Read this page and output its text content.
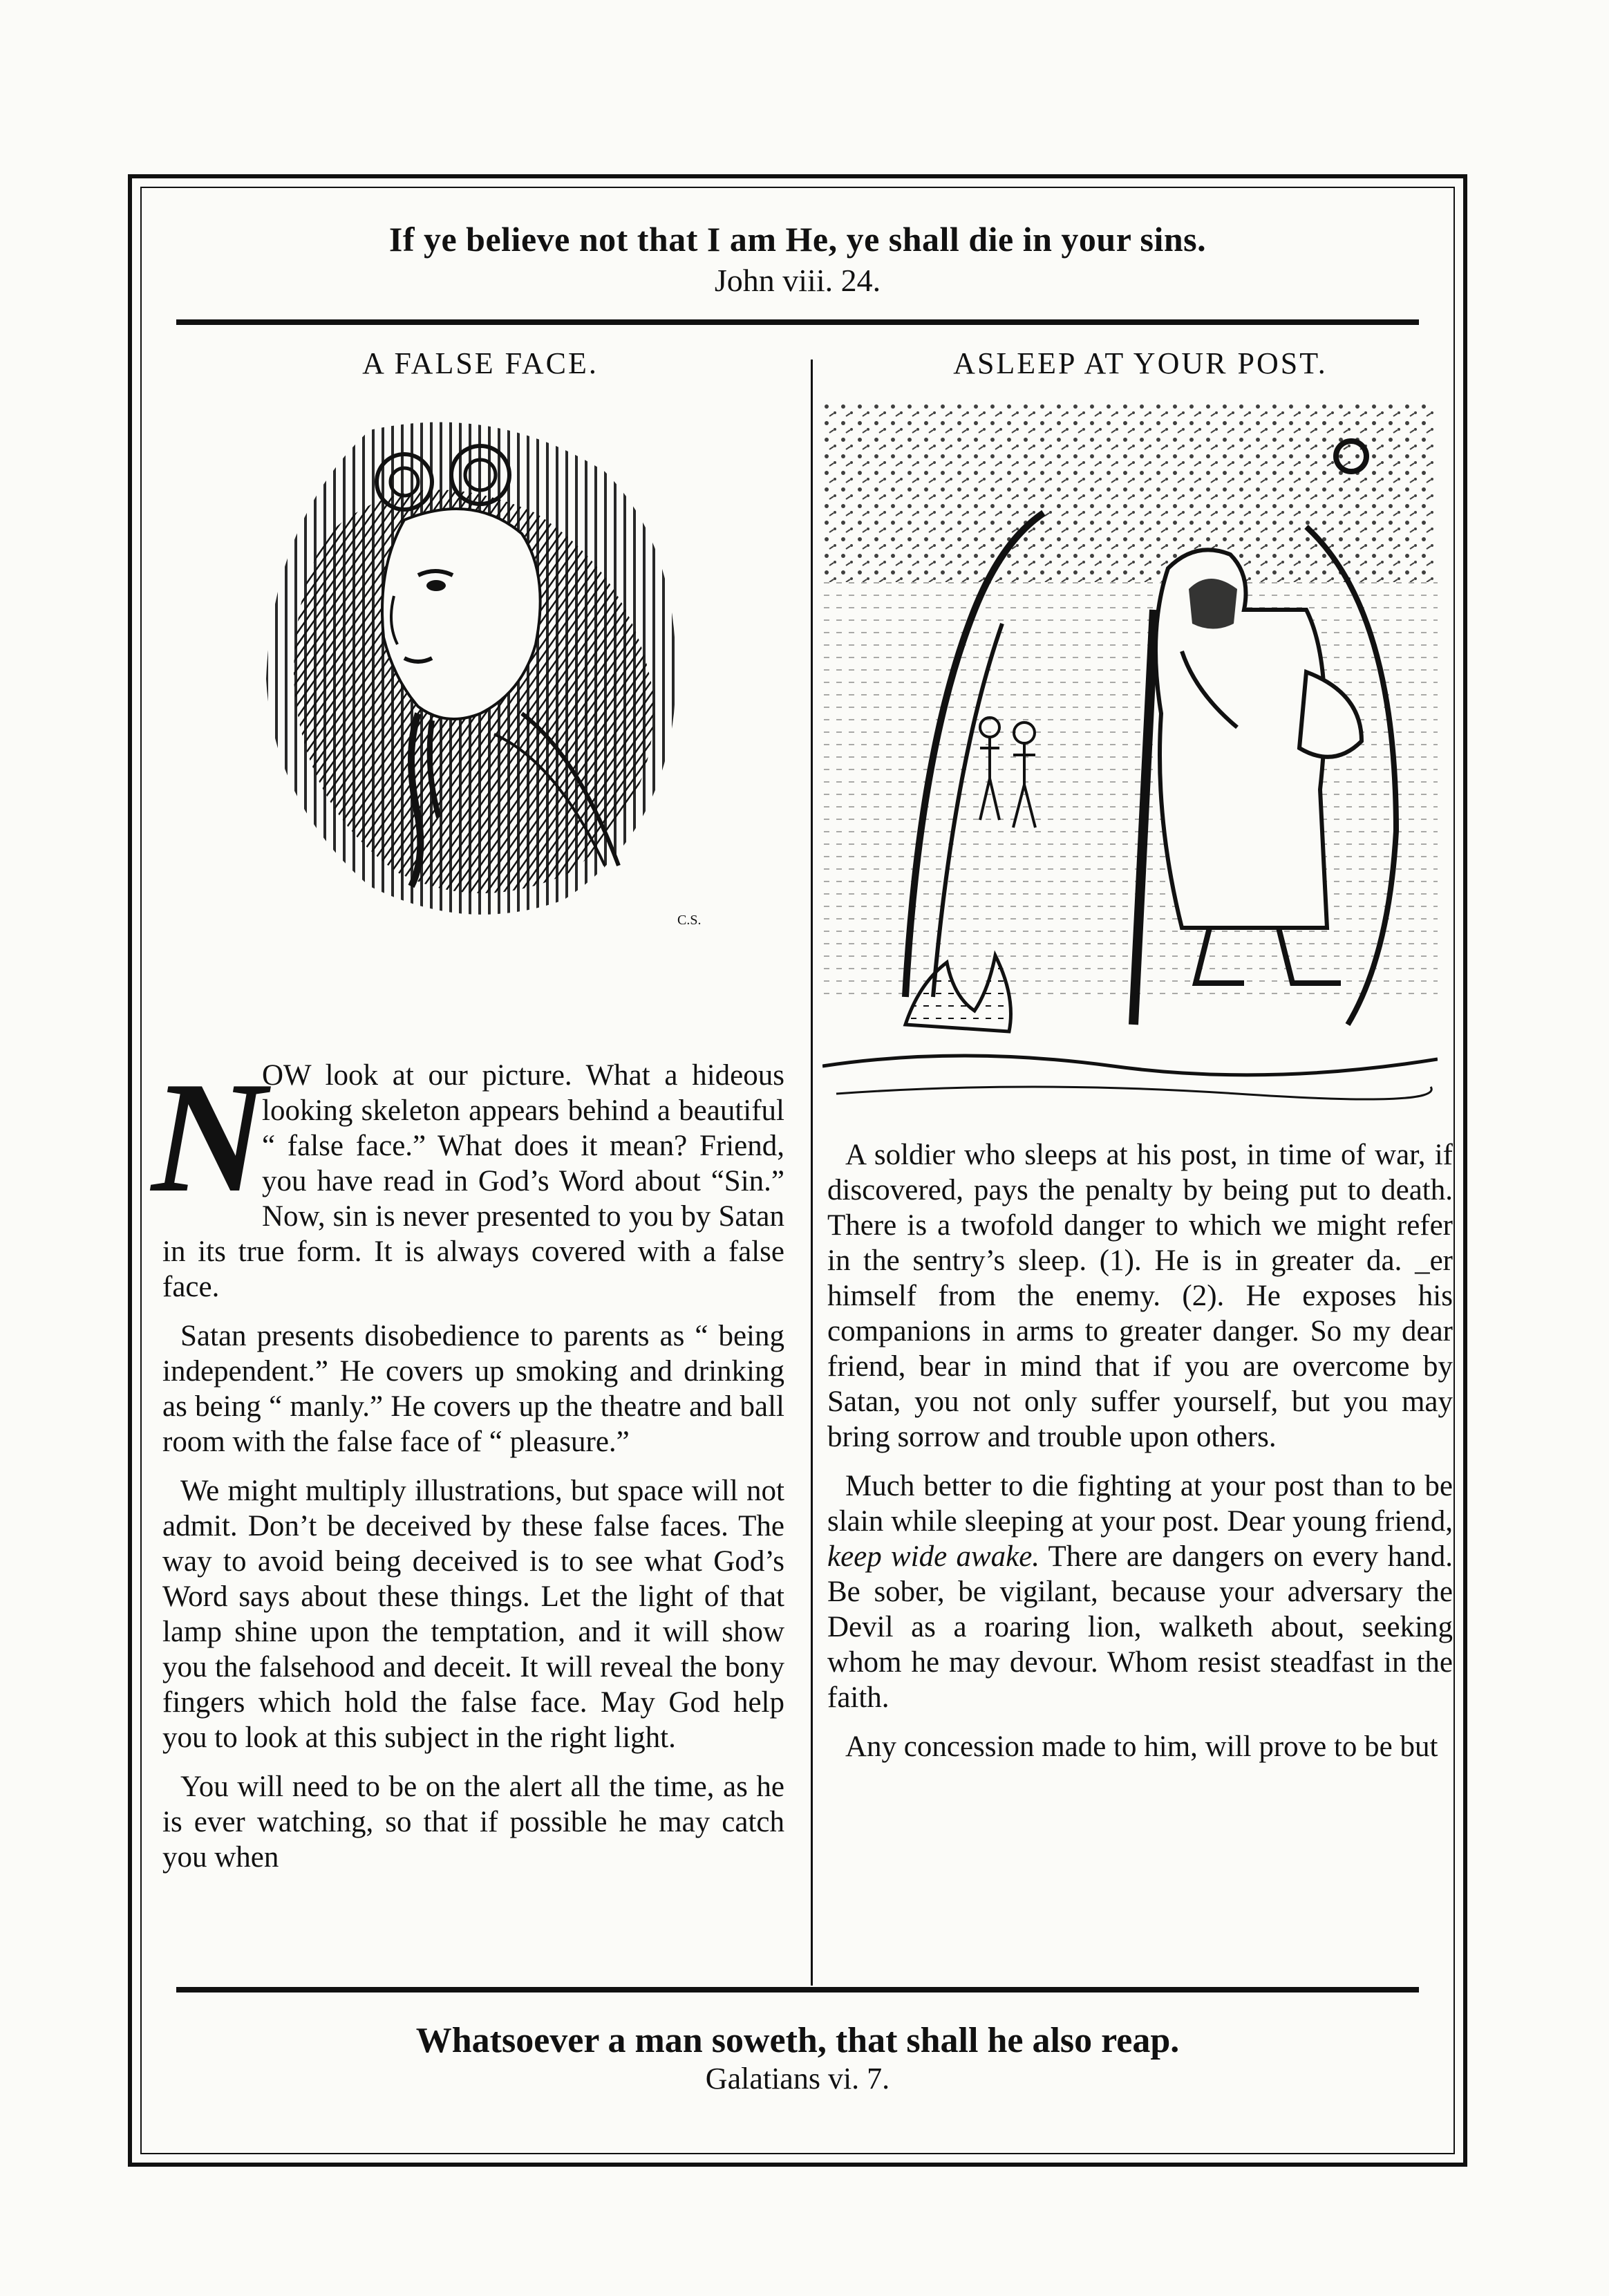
If ye believe not that I am He, ye shall die in your sins.
John viii. 24.
A FALSE FACE.
C.S.

N
OW look at our picture. What a hideous looking skeleton appears behind a beautiful “ false face.” What does it mean? Friend, you have read in God’s Word about “Sin.” Now, sin is never presented to you by Satan in its true form. It is always covered with a false face.

Satan presents disobedience to parents as “ being independent.” He covers up smoking and drinking as being “ manly.” He covers up the theatre and ball room with the false face of “ pleasure.”

We might multiply illustrations, but space will not admit. Don’t be deceived by these false faces. The way to avoid being deceived is to see what God’s Word says about these things. Let the light of that lamp shine upon the temptation, and it will show you the falsehood and deceit. It will reveal the bony fingers which hold the false face. May God help you to look at this subject in the right light.

You will need to be on the alert all the time, as he is ever watching, so that if possible he may catch you when

ASLEEP AT YOUR POST.

A soldier who sleeps at his post, in time of war, if discovered, pays the penalty by being put to death. There is a twofold danger to which we might refer in the sentry’s sleep. (1). He is in greater da. _er himself from the enemy. (2). He exposes his companions in arms to greater danger. So my dear friend, bear in mind that if you are overcome by Satan, you not only suffer yourself, but you may bring sorrow and trouble upon others.

Much better to die fighting at your post than to be slain while sleeping at your post. Dear young friend, keep wide awake. There are dangers on every hand. Be sober, be vigilant, because your adversary the Devil as a roaring lion, walketh about, seeking whom he may devour. Whom resist steadfast in the faith.

Any concession made to him, will prove to be but

Whatsoever a man soweth, that shall he also reap.
Galatians vi. 7.
